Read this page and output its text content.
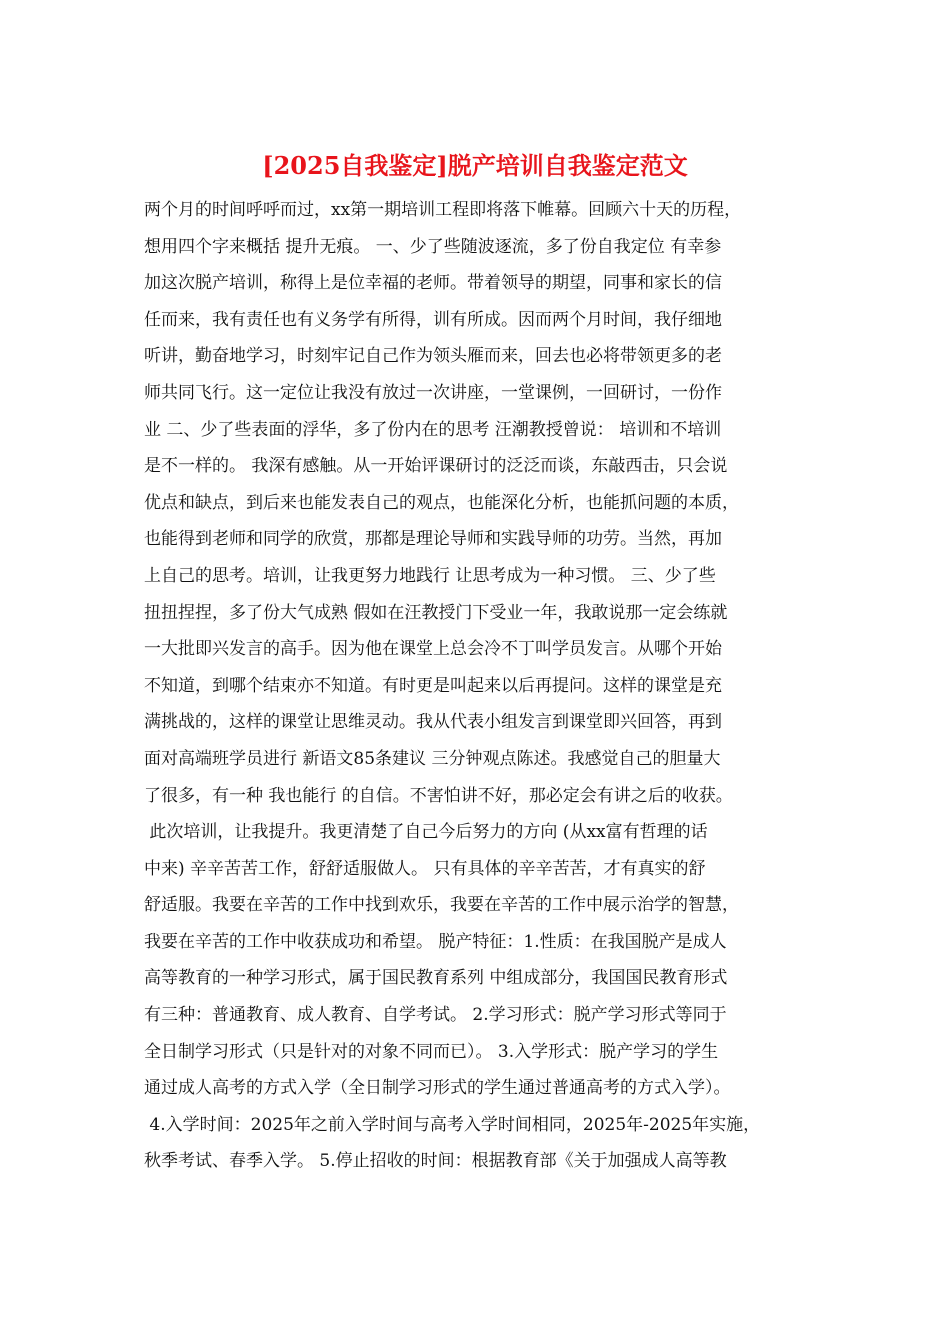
[2025自我鉴定]脱产培训自我鉴定范文
两个月的时间呼呼而过，xx第一期培训工程即将落下帷幕。回顾六十天的历程，
想用四个字来概括 提升无痕。 一、少了些随波逐流，多了份自我定位 有幸参
加这次脱产培训，称得上是位幸福的老师。带着领导的期望，同事和家长的信
任而来，我有责任也有义务学有所得，训有所成。因而两个月时间，我仔细地
听讲，勤奋地学习，时刻牢记自己作为领头雁而来，回去也必将带领更多的老
师共同飞行。这一定位让我没有放过一次讲座，一堂课例，一回研讨，一份作
业 二、少了些表面的浮华，多了份内在的思考 汪潮教授曾说： 培训和不培训
是不一样的。 我深有感触。从一开始评课研讨的泛泛而谈，东敲西击，只会说
优点和缺点，到后来也能发表自己的观点，也能深化分析，也能抓问题的本质，
也能得到老师和同学的欣赏，那都是理论导师和实践导师的功劳。当然，再加
上自己的思考。培训，让我更努力地践行 让思考成为一种习惯。 三、少了些
扭扭捏捏，多了份大气成熟 假如在汪教授门下受业一年，我敢说那一定会练就
一大批即兴发言的高手。因为他在课堂上总会冷不丁叫学员发言。从哪个开始
不知道，到哪个结束亦不知道。有时更是叫起来以后再提问。这样的课堂是充
满挑战的，这样的课堂让思维灵动。我从代表小组发言到课堂即兴回答，再到
面对高端班学员进行 新语文85条建议 三分钟观点陈述。我感觉自己的胆量大
了很多，有一种 我也能行 的自信。不害怕讲不好，那必定会有讲之后的收获。
此次培训，让我提升。我更清楚了自己今后努力的方向 (从xx富有哲理的话
中来) 辛辛苦苦工作，舒舒适服做人。 只有具体的辛辛苦苦，才有真实的舒
舒适服。我要在辛苦的工作中找到欢乐，我要在辛苦的工作中展示治学的智慧，
我要在辛苦的工作中收获成功和希望。 脱产特征：1.性质：在我国脱产是成人
高等教育的一种学习形式，属于国民教育系列 中组成部分，我国国民教育形式
有三种：普通教育、成人教育、自学考试。 2.学习形式：脱产学习形式等同于
全日制学习形式（只是针对的对象不同而已）。 3.入学形式：脱产学习的学生
通过成人高考的方式入学（全日制学习形式的学生通过普通高考的方式入学）。
4.入学时间：2025年之前入学时间与高考入学时间相同，2025年-2025年实施，
秋季考试、春季入学。 5.停止招收的时间：根据教育部《关于加强成人高等教
